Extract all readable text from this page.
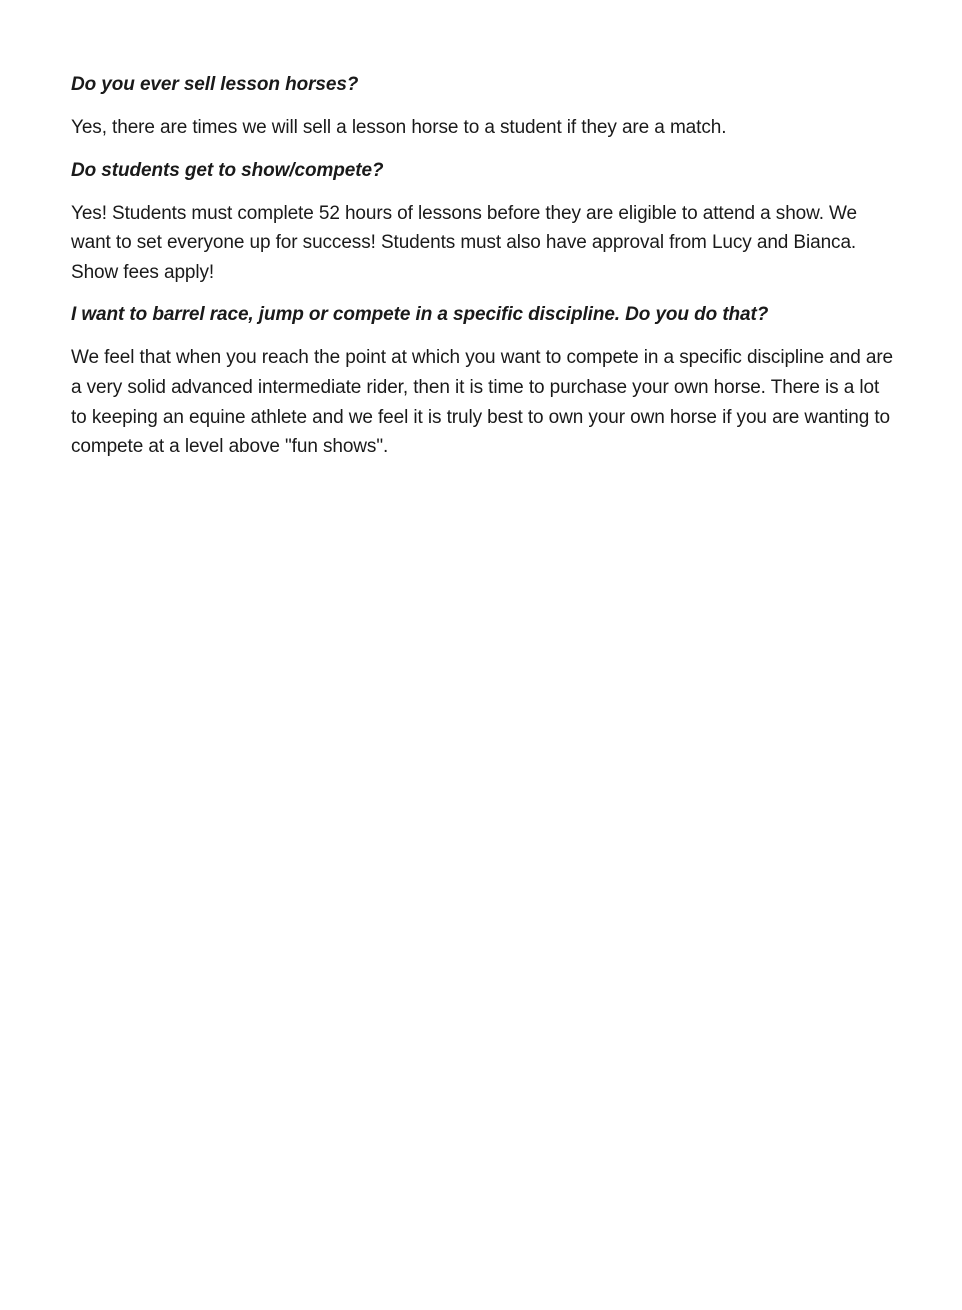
Do you ever sell lesson horses?

Yes, there are times we will sell a lesson horse to a student if they are a match.

Do students get to show/compete?

Yes! Students must complete 52 hours of lessons before they are eligible to attend a show. We want to set everyone up for success! Students must also have approval from Lucy and Bianca. Show fees apply!

I want to barrel race, jump or compete in a specific discipline. Do you do that?

We feel that when you reach the point at which you want to compete in a specific discipline and are a very solid advanced intermediate rider, then it is time to purchase your own horse. There is a lot to keeping an equine athlete and we feel it is truly best to own your own horse if you are wanting to compete at a level above "fun shows".
